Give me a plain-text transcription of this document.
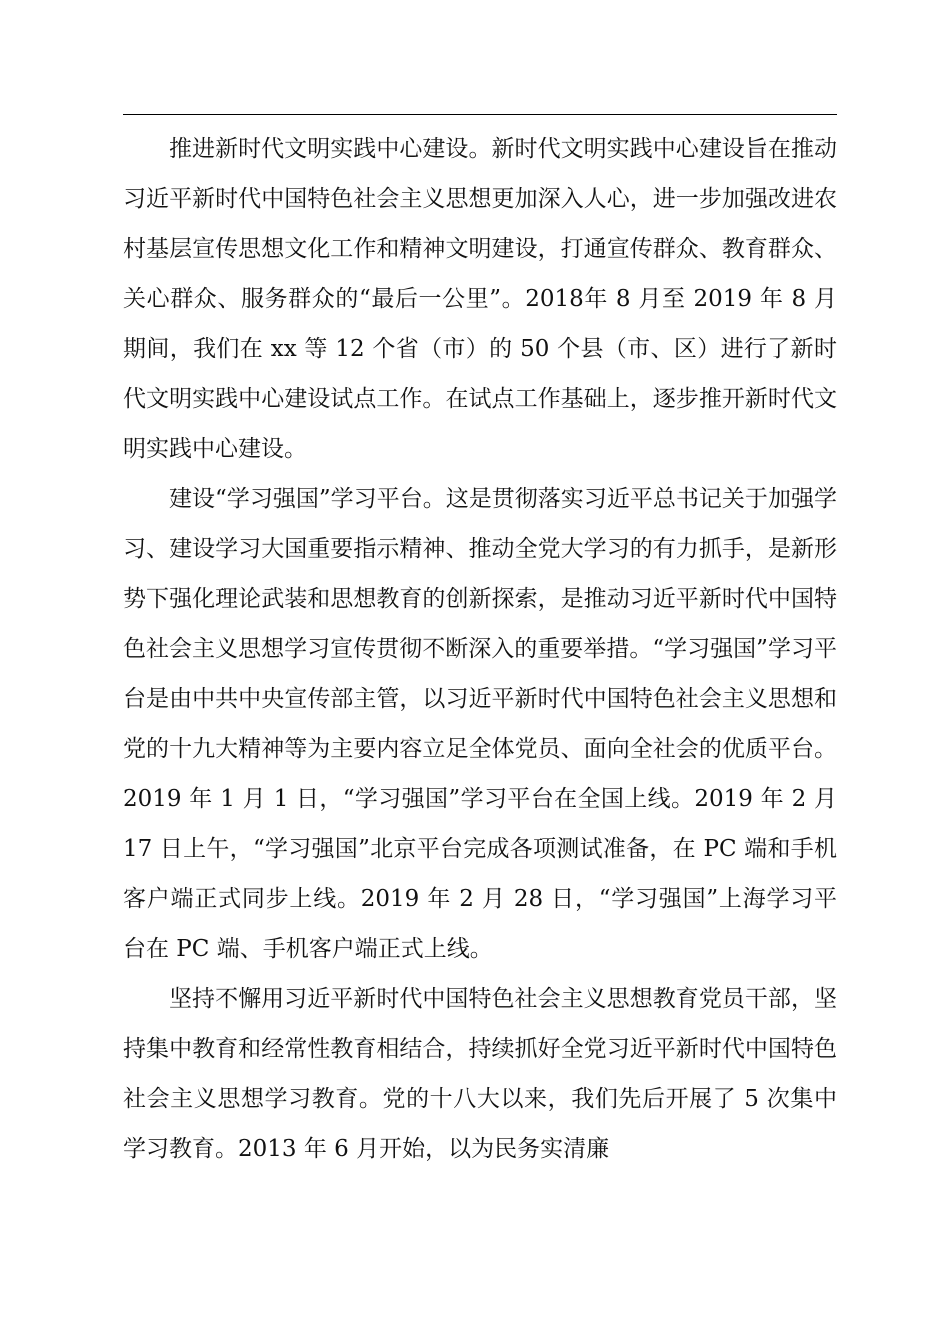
推进新时代文明实践中心建设。新时代文明实践中心建设旨在推动习近平新时代中国特色社会主义思想更加深入人心，进一步加强改进农村基层宣传思想文化工作和精神文明建设，打通宣传群众、教育群众、关心群众、服务群众的“最后一公里”。2018年 8 月至 2019 年 8 月期间，我们在 xx 等 12 个省（市）的 50 个县（市、区）进行了新时代文明实践中心建设试点工作。在试点工作基础上，逐步推开新时代文明实践中心建设。

建设“学习强国”学习平台。这是贯彻落实习近平总书记关于加强学习、建设学习大国重要指示精神、推动全党大学习的有力抓手，是新形势下强化理论武装和思想教育的创新探索，是推动习近平新时代中国特色社会主义思想学习宣传贯彻不断深入的重要举措。“学习强国”学习平台是由中共中央宣传部主管，以习近平新时代中国特色社会主义思想和党的十九大精神等为主要内容立足全体党员、面向全社会的优质平台。2019 年 1 月 1 日，“学习强国”学习平台在全国上线。2019 年 2 月 17 日上午，“学习强国”北京平台完成各项测试准备，在 PC 端和手机客户端正式同步上线。2019 年 2 月 28 日，“学习强国”上海学习平台在 PC 端、手机客户端正式上线。

坚持不懈用习近平新时代中国特色社会主义思想教育党员干部，坚持集中教育和经常性教育相结合，持续抓好全党习近平新时代中国特色社会主义思想学习教育。党的十八大以来，我们先后开展了 5 次集中学习教育。2013 年 6 月开始，以为民务实清廉
